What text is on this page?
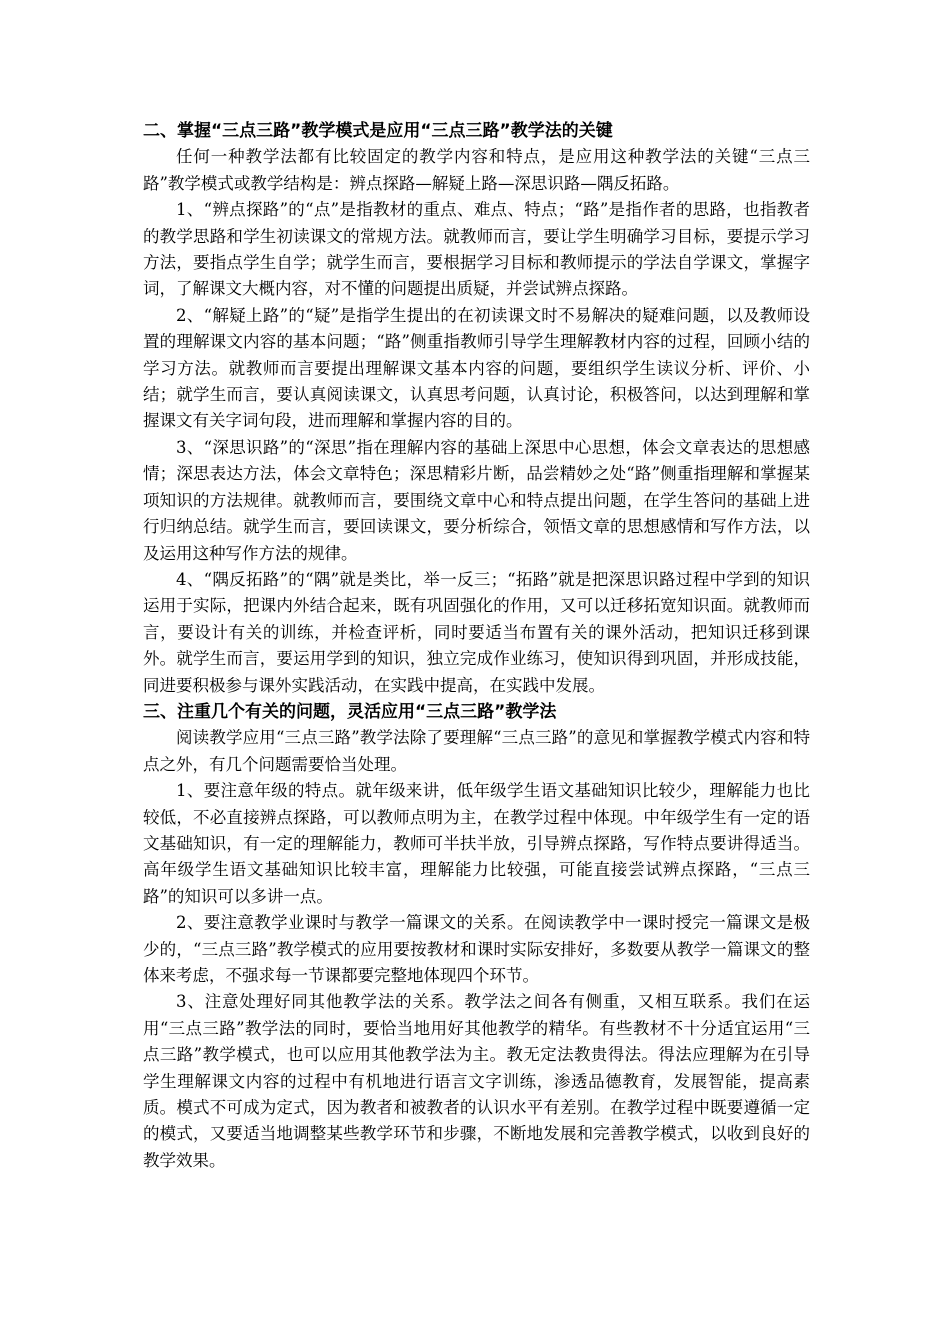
二、掌握“三点三路”教学模式是应用“三点三路”教学法的关键

任何一种教学法都有比较固定的教学内容和特点，是应用这种教学法的关键“三点三路”教学模式或教学结构是：辨点探路—解疑上路—深思识路—隅反拓路。

1、“辨点探路”的“点”是指教材的重点、难点、特点；“路”是指作者的思路，也指教者的教学思路和学生初读课文的常规方法。就教师而言，要让学生明确学习目标，要提示学习方法，要指点学生自学；就学生而言，要根据学习目标和教师提示的学法自学课文，掌握字词，了解课文大概内容，对不懂的问题提出质疑，并尝试辨点探路。

2、“解疑上路”的“疑”是指学生提出的在初读课文时不易解决的疑难问题，以及教师设置的理解课文内容的基本问题；“路”侧重指教师引导学生理解教材内容的过程，回顾小结的学习方法。就教师而言要提出理解课文基本内容的问题，要组织学生读议分析、评价、小结；就学生而言，要认真阅读课文，认真思考问题，认真讨论，积极答问，以达到理解和掌握课文有关字词句段，进而理解和掌握内容的目的。

3、“深思识路”的“深思”指在理解内容的基础上深思中心思想，体会文章表达的思想感情；深思表达方法，体会文章特色；深思精彩片断，品尝精妙之处“路”侧重指理解和掌握某项知识的方法规律。就教师而言，要围绕文章中心和特点提出问题，在学生答问的基础上进行归纳总结。就学生而言，要回读课文，要分析综合，领悟文章的思想感情和写作方法，以及运用这种写作方法的规律。

4、“隅反拓路”的“隅”就是类比，举一反三；“拓路”就是把深思识路过程中学到的知识运用于实际，把课内外结合起来，既有巩固强化的作用，又可以迁移拓宽知识面。就教师而言，要设计有关的训练，并检查评析，同时要适当布置有关的课外活动，把知识迁移到课外。就学生而言，要运用学到的知识，独立完成作业练习，使知识得到巩固，并形成技能，同进要积极参与课外实践活动，在实践中提高，在实践中发展。

三、注重几个有关的问题，灵活应用“三点三路”教学法

阅读教学应用“三点三路”教学法除了要理解“三点三路”的意见和掌握教学模式内容和特点之外，有几个问题需要恰当处理。

1、要注意年级的特点。就年级来讲，低年级学生语文基础知识比较少，理解能力也比较低，不必直接辨点探路，可以教师点明为主，在教学过程中体现。中年级学生有一定的语文基础知识，有一定的理解能力，教师可半扶半放，引导辨点探路，写作特点要讲得适当。高年级学生语文基础知识比较丰富，理解能力比较强，可能直接尝试辨点探路，“三点三路”的知识可以多讲一点。

2、要注意教学业课时与教学一篇课文的关系。在阅读教学中一课时授完一篇课文是极少的，“三点三路”教学模式的应用要按教材和课时实际安排好，多数要从教学一篇课文的整体来考虑，不强求每一节课都要完整地体现四个环节。

3、注意处理好同其他教学法的关系。教学法之间各有侧重，又相互联系。我们在运用“三点三路”教学法的同时，要恰当地用好其他教学的精华。有些教材不十分适宜运用“三点三路”教学模式，也可以应用其他教学法为主。教无定法教贵得法。得法应理解为在引导学生理解课文内容的过程中有机地进行语言文字训练，渗透品德教育，发展智能，提高素质。模式不可成为定式，因为教者和被教者的认识水平有差别。在教学过程中既要遵循一定的模式，又要适当地调整某些教学环节和步骤，不断地发展和完善教学模式，以收到良好的教学效果。
